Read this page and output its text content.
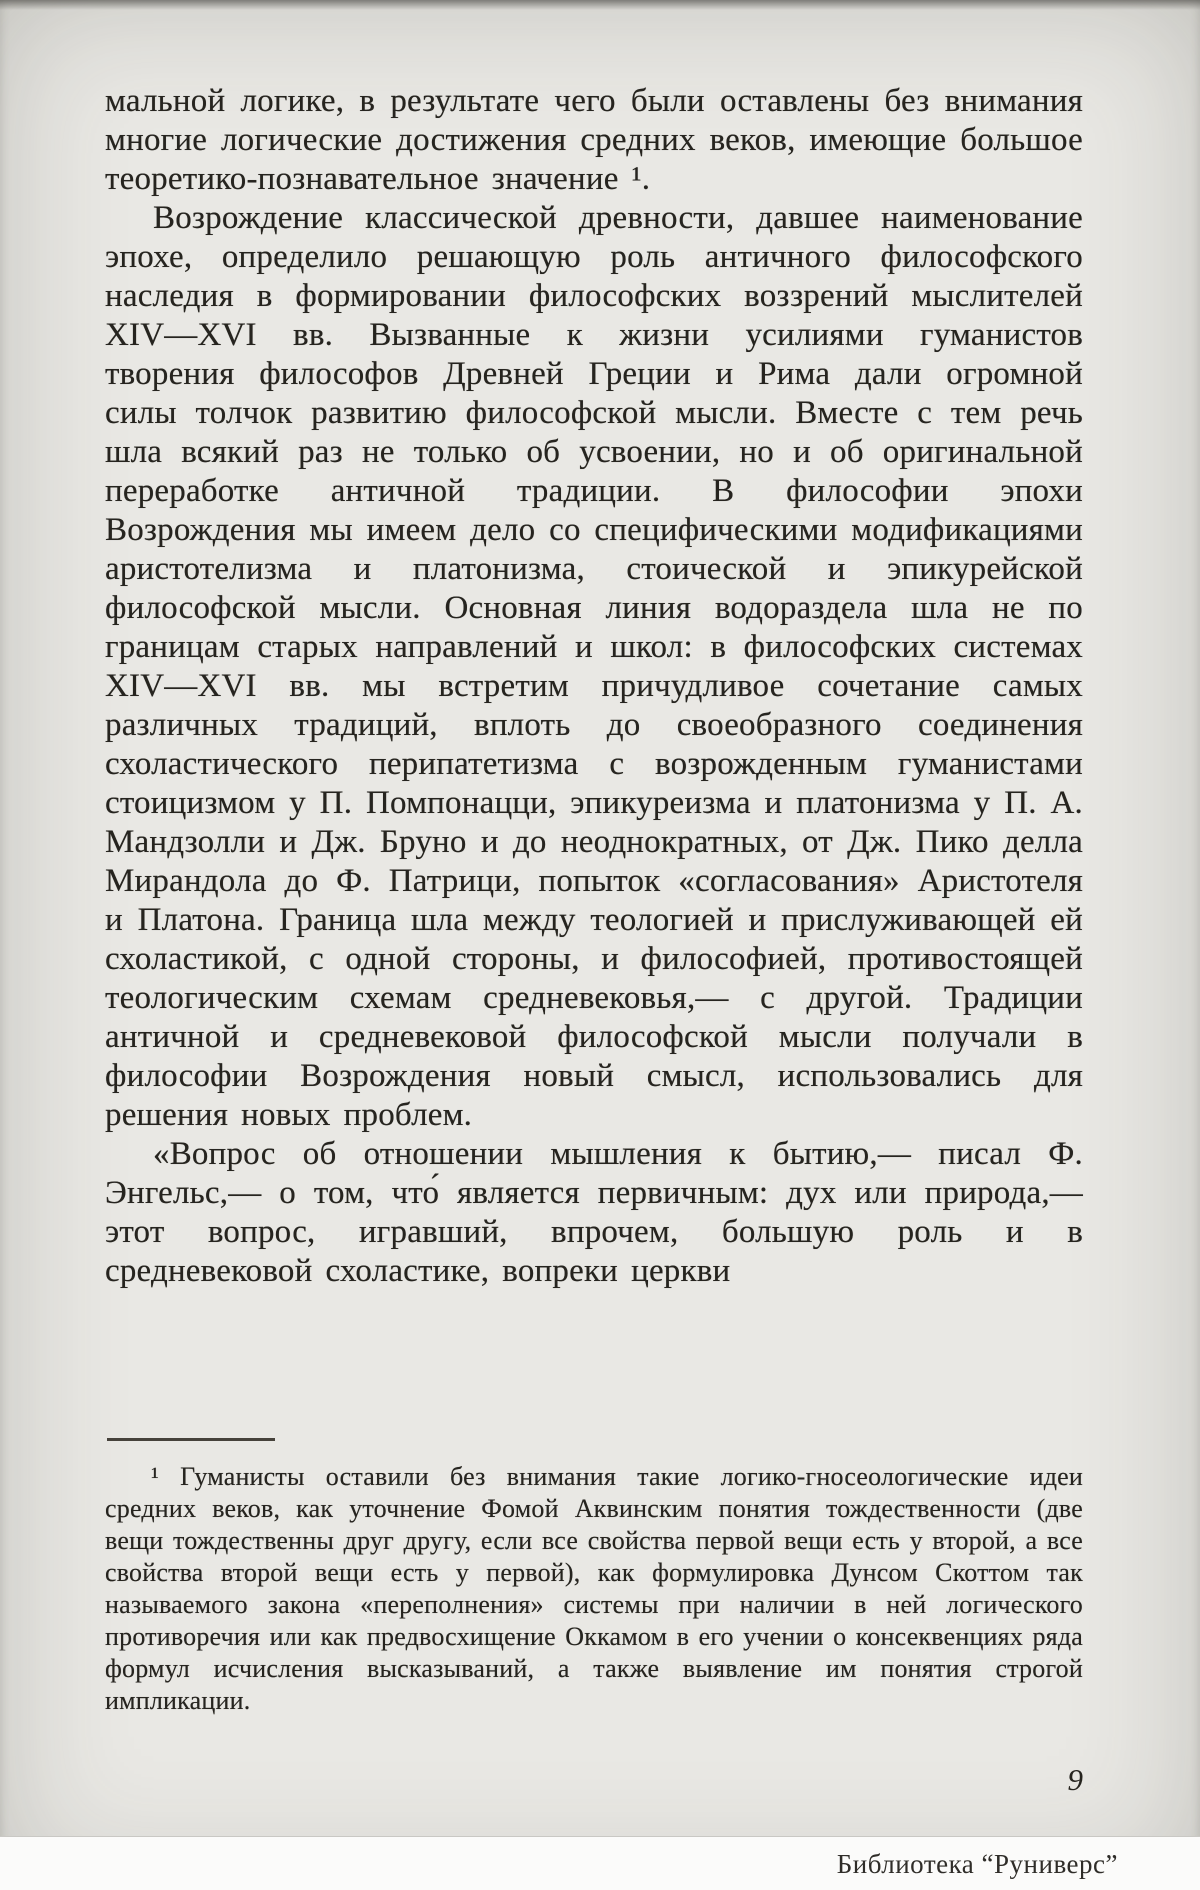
мальной логике, в результате чего были оставлены без внимания многие логические достижения средних веков, имеющие большое теоретико-познавательное значение ¹.

Возрождение классической древности, давшее наименование эпохе, определило решающую роль античного философского наследия в формировании философских воззрений мыслителей XIV—XVI вв. Вызванные к жизни усилиями гуманистов творения философов Древней Греции и Рима дали огромной силы толчок развитию философской мысли. Вместе с тем речь шла всякий раз не только об усвоении, но и об оригинальной переработке античной традиции. В философии эпохи Возрождения мы имеем дело со специфическими модификациями аристотелизма и платонизма, стоической и эпикурейской философской мысли. Основная линия водораздела шла не по границам старых направлений и школ: в философских системах XIV—XVI вв. мы встретим причудливое сочетание самых различных традиций, вплоть до своеобразного соединения схоластического перипатетизма с возрожденным гуманистами стоицизмом у П. Помпонацци, эпикуреизма и платонизма у П. А. Мандзолли и Дж. Бруно и до неоднократных, от Дж. Пико делла Мирандола до Ф. Патрици, попыток «согласования» Аристотеля и Платона. Граница шла между теологией и прислуживающей ей схоластикой, с одной стороны, и философией, противостоящей теологическим схемам средневековья,— с другой. Традиции античной и средневековой философской мысли получали в философии Возрождения новый смысл, использовались для решения новых проблем.

«Вопрос об отношении мышления к бытию,— писал Ф. Энгельс,— о том, что́ является первичным: дух или природа,— этот вопрос, игравший, впрочем, большую роль и в средневековой схоластике, вопреки церкви

¹ Гуманисты оставили без внимания такие логико-гносеологические идеи средних веков, как уточнение Фомой Аквинским понятия тождественности (две вещи тождественны друг другу, если все свойства первой вещи есть у второй, а все свойства второй вещи есть у первой), как формулировка Дунсом Скоттом так называемого закона «переполнения» системы при наличии в ней логического противоречия или как предвосхищение Оккамом в его учении о консеквенциях ряда формул исчисления высказываний, а также выявление им понятия строгой импликации.

9
Библиотека “Руниверс”
